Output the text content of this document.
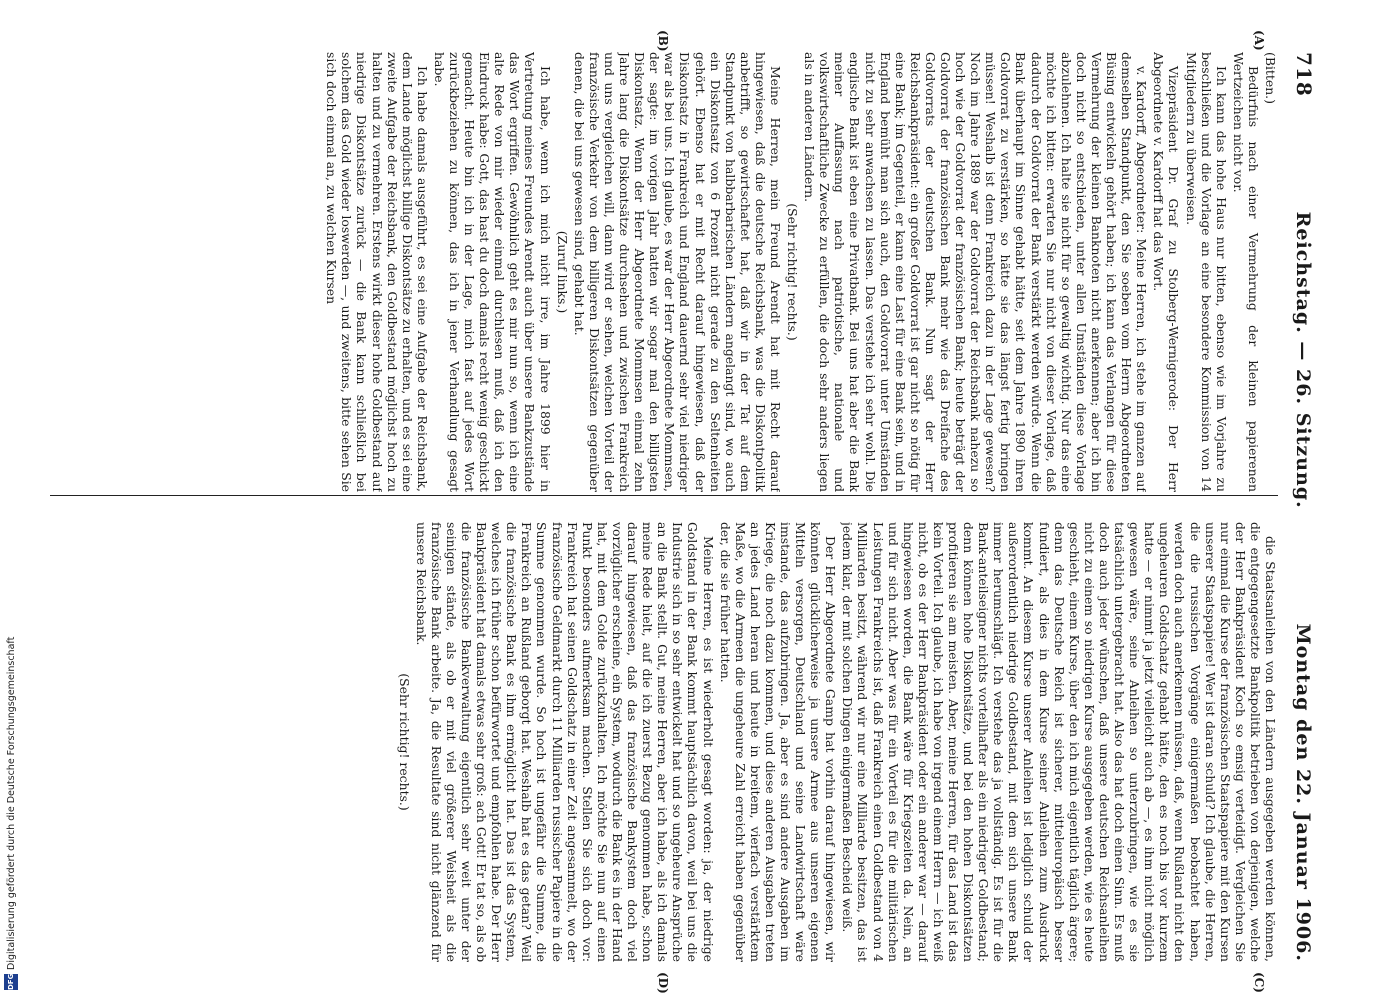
718
Reichstag. — 26. Sitzung.
Montag den 22. Januar 1906.
(A)
(B)
(C)
(D)

(Bitten.)

Bedürfnis nach einer Vermehrung der kleinen papierenen Wertzeichen nicht vor.

Ich kann das hohe Haus nur bitten, ebenso wie im Vorjahre zu beschließen und die Vorlage an eine besondere Kommission von 14 Mitgliedern zu überweisen.

Vizepräsident Dr. Graf zu Stolberg-Wernigerode: Der Herr Abgeordnete v. Kardorff hat das Wort.

v. Kardorff, Abgeordneter: Meine Herren, ich stehe im ganzen auf demselben Standpunkt, den Sie soeben vom Herrn Abgeordneten Büsing entwickeln gehört haben; ich kann das Verlangen für diese Vermehrung der kleinen Banknoten nicht anerkennen; aber ich bin doch nicht so entschieden, unter allen Umständen diese Vorlage abzulehnen. Ich halte sie nicht für so gewaltig wichtig. Nur das eine möchte ich bitten: erwarten Sie nur nicht von dieser Vorlage, daß dadurch der Goldvorrat der Bank verstärkt werden würde. Wenn die Bank überhaupt im Sinne gehabt hätte, seit dem Jahre 1890 ihren Goldvorrat zu verstärken, so hätte sie das längst fertig bringen müssen! Weshalb ist denn Frankreich dazu in der Lage gewesen? Noch im Jahre 1889 war der Goldvorrat der Reichsbank nahezu so hoch wie der Goldvorrat der französischen Bank; heute beträgt der Goldvorrat der französischen Bank mehr wie das Dreifache des Goldvorrats der deutschen Bank. Nun sagt der Herr Reichsbankpräsident: ein großer Goldvorrat ist gar nicht so nötig für eine Bank; im Gegenteil, er kann eine Last für eine Bank sein, und in England bemüht man sich auch, den Goldvorrat unter Umständen nicht zu sehr anwachsen zu lassen. Das verstehe ich sehr wohl. Die englische Bank ist eben eine Privatbank. Bei uns hat aber die Bank meiner Auffassung nach patriotische, nationale und volkswirtschaftliche Zwecke zu erfüllen, die doch sehr anders liegen als in anderen Ländern.

(Sehr richtig! rechts.)

Meine Herren, mein Freund Arendt hat mit Recht darauf hingewiesen, daß die deutsche Reichsbank, was die Diskontpolitik anbetrifft, so gewirtschaftet hat, daß wir in der Tat auf dem Standpunkt von halbbarbarischen Ländern angelangt sind, wo auch ein Diskontsatz von 6 Prozent nicht gerade zu den Seltenheiten gehört. Ebenso hat er mit Recht darauf hingewiesen, daß der Diskontsatz in Frankreich und England dauernd sehr viel niedriger war als bei uns. Ich glaube, es war der Herr Abgeordnete Mommsen, der sagte: im vorigen Jahr hatten wir sogar mal den billigsten Diskontsatz. Wenn der Herr Abgeordnete Mommsen einmal zehn Jahre lang die Diskontsätze durchsehen und zwischen Frankreich und uns vergleichen will, dann wird er sehen, welchen Vorteil der französische Verkehr von dem billigeren Diskontsätzen gegenüber denen, die bei uns gewesen sind, gehabt hat.

(Zuruf links.)

Ich habe, wenn ich mich nicht irre, im Jahre 1899 hier in Vertretung meines Freundes Arendt auch über unsere Bankzustände das Wort ergriffen. Gewöhnlich geht es mir nun so, wenn ich eine alte Rede von mir wieder einmal durchlesen muß, daß ich den Eindruck habe: Gott, das hast du doch damals recht wenig geschickt gemacht. Heute bin ich in der Lage, mich fast auf jedes Wort zurückbeziehen zu können, das ich in jener Verhandlung gesagt habe.

Ich habe damals ausgeführt, es sei eine Aufgabe der Reichsbank, dem Lande möglichst billige Diskontsätze zu erhalten, und es sei eine zweite Aufgabe der Reichsbank, den Goldbestand möglichst hoch zu halten und zu vermehren. Erstens wirkt dieser hohe Goldbestand auf niedrige Diskontsätze zurück — die Bank kann schließlich bei solchem das Gold wieder loswerden —, und zweitens, bitte sehen Sie sich doch einmal an, zu welchen Kursen

die Staatsanleihen von den Ländern ausgegeben werden können, die entgegengesetzte Bankpolitik betrieben von derjenigen, welche der Herr Bankpräsident Koch so emsig verteidigt. Vergleichen Sie nur einmal die Kurse der französischen Staatspapiere mit den Kursen unserer Staatspapiere! Wer ist daran schuld? Ich glaube, die Herren, die die russischen Vorgänge einigermaßen beobachtet haben, werden doch auch anerkennen müssen, daß, wenn Rußland nicht den ungeheuren Goldschatz gehabt hätte, den es noch bis vor kurzem hatte — er nimmt ja jetzt vielleicht auch ab —, es ihm nicht möglich gewesen wäre, seine Anleihen so unterzubringen, wie es sie tatsächlich untergebracht hat. Also das hat doch einen Sinn. Es muß doch auch jeder wünschen, daß unsere deutschen Reichsanleihen nicht zu einem so niedrigen Kurse ausgegeben werden, wie es heute geschieht, einem Kurse, über den ich mich eigentlich täglich ärgere; denn das Deutsche Reich ist sicherer, mitteleuropäisch besser fundiert, als dies in dem Kurse seiner Anleihen zum Ausdruck kommt. An diesem Kurse unserer Anleihen ist lediglich schuld der außerordentlich niedrige Goldbestand, mit dem sich unsere Bank immer herumschlägt. Ich verstehe das ja vollständig. Es ist für die Bank-anteilseigner nichts vorteilhafter als ein niedriger Goldbestand; denn können hohe Diskontsätze, und bei den hohen Diskontsätzen profitieren sie am meisten. Aber, meine Herren, für das Land ist das kein Vorteil. Ich glaube, ich habe von irgend einem Herrn — ich weiß nicht, ob es der Herr Bankpräsident oder ein anderer war — darauf hingewiesen worden, die Bank wäre für Kriegszeiten da. Nein, an und für sich nicht. Aber was für ein Vorteil es für die militärischen Leistungen Frankreichs ist, daß Frankreich einen Goldbestand von 4 Milliarden besitzt, während wir nur eine Milliarde besitzen, das ist jedem klar, der mit solchen Dingen einigermaßen Bescheid weiß.

Der Herr Abgeordnete Gamp hat vorhin darauf hingewiesen, wir könnten glücklicherweise ja unsere Armee aus unseren eigenen Mitteln versorgen, Deutschland und seine Landwirtschaft wäre imstande, das aufzubringen. Ja, aber es sind andere Ausgaben im Kriege, die noch dazu kommen, und diese anderen Ausgaben treten an jedes Land heran und heute in breitem, vierfach verstärktem Maße, wo die Armeen die ungeheure Zahl erreicht haben gegenüber der, die sie früher hatten.

Meine Herren, es ist wiederholt gesagt worden: ja, der niedrige Goldstand in der Bank kommt hauptsächlich davon, weil bei uns die Industrie sich in so sehr entwickelt hat und so ungeheure Ansprüche an die Bank stellt. Gut, meine Herren, aber ich habe, als ich damals meine Rede hielt, auf die ich zuerst Bezug genommen habe, schon darauf hingewiesen, daß das französische Bankystem doch viel vorzüglicher erscheine, ein System, wodurch die Bank es in der Hand hat, mit dem Golde zurückzuhalten. Ich möchte Sie nun auf einen Punkt besonders aufmerksam machen. Stellen Sie sich doch vor: Frankreich hat seinen Goldschatz in einer Zeit angesammelt, wo der französische Geldmarkt durch 11 Milliarden russischer Papiere in die Summe genommen wurde. So hoch ist ungefähr die Summe, die Frankreich an Rußland geborgt hat. Weshalb hat es das getan? Weil die französische Bank es ihm ermöglicht hat. Das ist das System, welches ich früher schon befürwortet und empfohlen habe. Der Herr Bankpräsident hat damals etwas sehr groß: ach Gott! Er tat so, als ob die französische Bankverwaltung eigentlich sehr weit unter der seinigen stände, als ob er mit viel größerer Weisheit als die französische Bank arbeite. Ja, die Resultate sind nicht glänzend für unsere Reichsbank.

(Sehr richtig! rechts.)

Digitalisierung gefördert durch die Deutsche Forschungsgemeinschaft
DFG
